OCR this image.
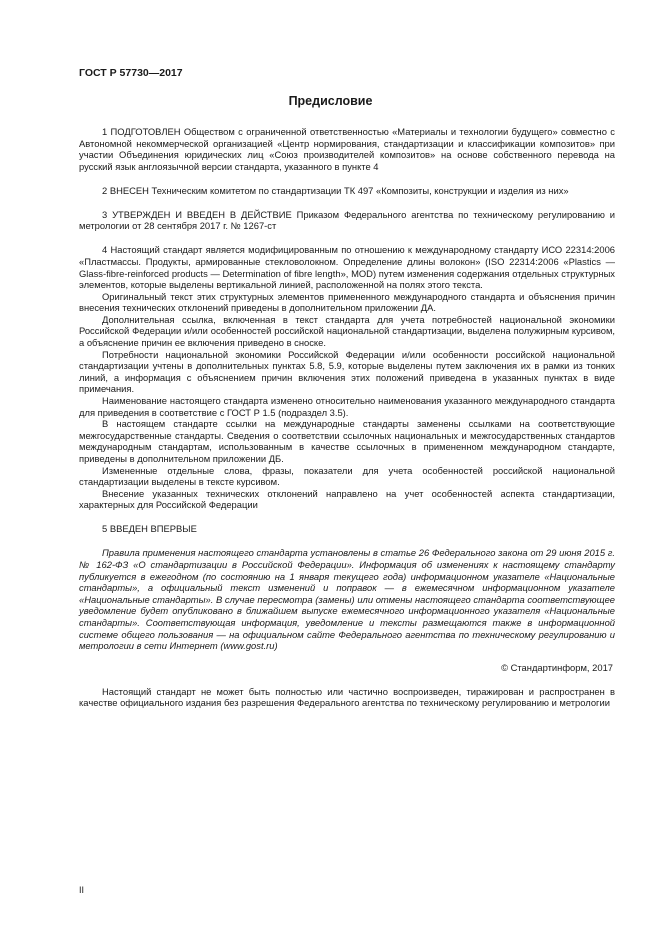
ГОСТ Р 57730—2017
Предисловие

1 ПОДГОТОВЛЕН Обществом с ограниченной ответственностью «Материалы и технологии будущего» совместно с Автономной некоммерческой организацией «Центр нормирования, стандартизации и классификации композитов» при участии Объединения юридических лиц «Союз производителей композитов» на основе собственного перевода на русский язык англоязычной версии стандарта, указанного в пункте 4

2 ВНЕСЕН Техническим комитетом по стандартизации ТК 497 «Композиты, конструкции и изделия из них»

3 УТВЕРЖДЕН И ВВЕДЕН В ДЕЙСТВИЕ Приказом Федерального агентства по техническому регулированию и метрологии от 28 сентября 2017 г. № 1267-ст

4 Настоящий стандарт является модифицированным по отношению к международному стандарту ИСО 22314:2006 «Пластмассы. Продукты, армированные стекловолокном. Определение длины волокон» (ISO 22314:2006 «Plastics — Glass-fibre-reinforced products — Determination of fibre length», MOD) путем изменения содержания отдельных структурных элементов, которые выделены вертикальной линией, расположенной на полях этого текста.

Оригинальный текст этих структурных элементов примененного международного стандарта и объяснения причин внесения технических отклонений приведены в дополнительном приложении ДА.

Дополнительная ссылка, включенная в текст стандарта для учета потребностей национальной экономики Российской Федерации и/или особенностей российской национальной стандартизации, выделена полужирным курсивом, а объяснение причин ее включения приведено в сноске.

Потребности национальной экономики Российской Федерации и/или особенности российской национальной стандартизации учтены в дополнительных пунктах 5.8, 5.9, которые выделены путем заключения их в рамки из тонких линий, а информация с объяснением причин включения этих положений приведена в указанных пунктах в виде примечания.

Наименование настоящего стандарта изменено относительно наименования указанного международного стандарта для приведения в соответствие с ГОСТ Р 1.5 (подраздел 3.5).

В настоящем стандарте ссылки на международные стандарты заменены ссылками на соответствующие межгосударственные стандарты. Сведения о соответствии ссылочных национальных и межгосударственных стандартов международным стандартам, использованным в качестве ссылочных в примененном международном стандарте, приведены в дополнительном приложении ДБ.

Измененные отдельные слова, фразы, показатели для учета особенностей российской национальной стандартизации выделены в тексте курсивом.

Внесение указанных технических отклонений направлено на учет особенностей аспекта стандартизации, характерных для Российской Федерации

5 ВВЕДЕН ВПЕРВЫЕ

Правила применения настоящего стандарта установлены в статье 26 Федерального закона от 29 июня 2015 г. № 162-ФЗ «О стандартизации в Российской Федерации». Информация об изменениях к настоящему стандарту публикуется в ежегодном (по состоянию на 1 января текущего года) информационном указателе «Национальные стандарты», а официальный текст изменений и поправок — в ежемесячном информационном указателе «Национальные стандарты». В случае пересмотра (замены) или отмены настоящего стандарта соответствующее уведомление будет опубликовано в ближайшем выпуске ежемесячного информационного указателя «Национальные стандарты». Соответствующая информация, уведомление и тексты размещаются также в информационной системе общего пользования — на официальном сайте Федерального агентства по техническому регулированию и метрологии в сети Интернет (www.gost.ru)

© Стандартинформ, 2017

Настоящий стандарт не может быть полностью или частично воспроизведен, тиражирован и распространен в качестве официального издания без разрешения Федерального агентства по техническому регулированию и метрологии

II
